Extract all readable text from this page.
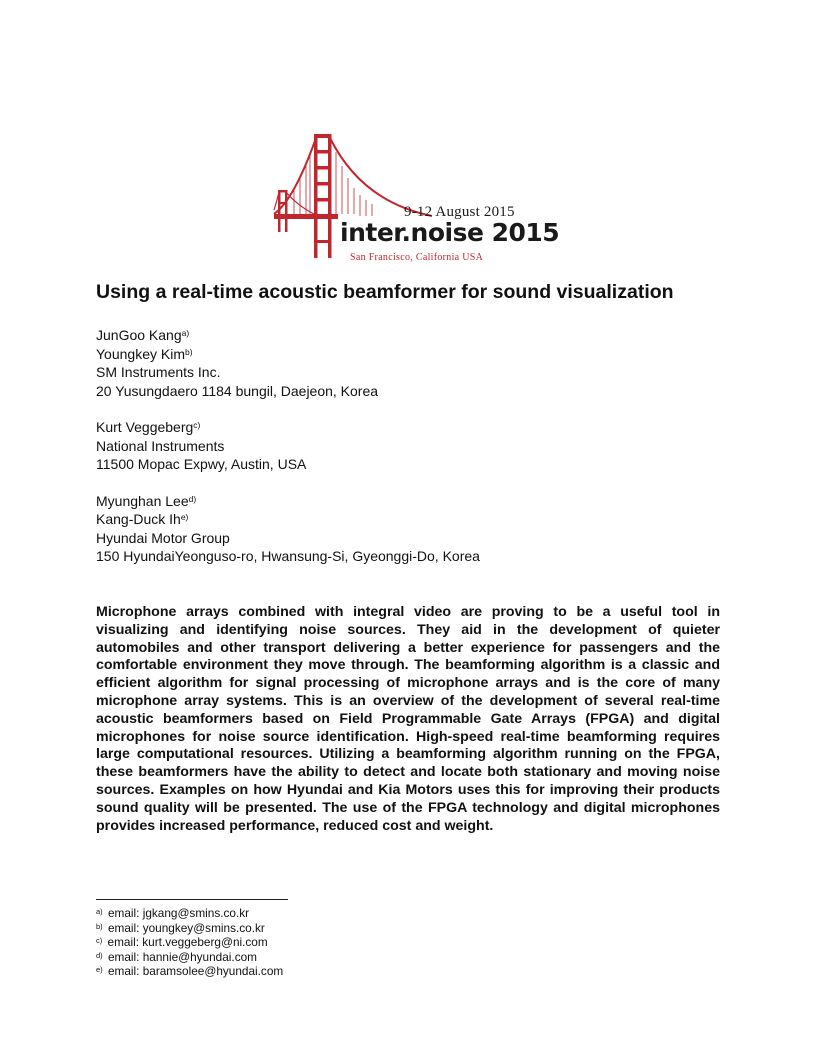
9-12 August 2015
inter.noise 2015
San Francisco, California USA
Using a real-time acoustic beamformer for sound visualization
JunGoo Kang$^{a)}$
Youngkey Kim$^{b)}$
SM Instruments Inc.
20 Yusungdaero 1184 bungil, Daejeon, Korea
Kurt Veggeberg$^{c)}$
National Instruments
11500 Mopac Expwy, Austin, USA
Myunghan Lee$^{d)}$
Kang-Duck Ih$^{e)}$
Hyundai Motor Group
150 HyundaiYeonguso-ro, Hwansung-Si, Gyeonggi-Do, Korea

Microphone arrays combined with integral video are proving to be a useful tool in visualizing and identifying noise sources. They aid in the development of quieter automobiles and other transport delivering a better experience for passengers and the comfortable environment they move through. The beamforming algorithm is a classic and efficient algorithm for signal processing of microphone arrays and is the core of many microphone array systems. This is an overview of the development of several real-time acoustic beamformers based on Field Programmable Gate Arrays (FPGA) and digital microphones for noise source identification. High-speed real-time beamforming requires large computational resources. Utilizing a beamforming algorithm running on the FPGA, these beamformers have the ability to detect and locate both stationary and moving noise sources. Examples on how Hyundai and Kia Motors uses this for improving their products sound quality will be presented. The use of the FPGA technology and digital microphones provides increased performance, reduced cost and weight.

$^{a)}$ email: jgkang@smins.co.kr
$^{b)}$ email: youngkey@smins.co.kr
$^{c)}$ email: kurt.veggeberg@ni.com
$^{d)}$ email: hannie@hyundai.com
$^{e)}$ email: baramsolee@hyundai.com
